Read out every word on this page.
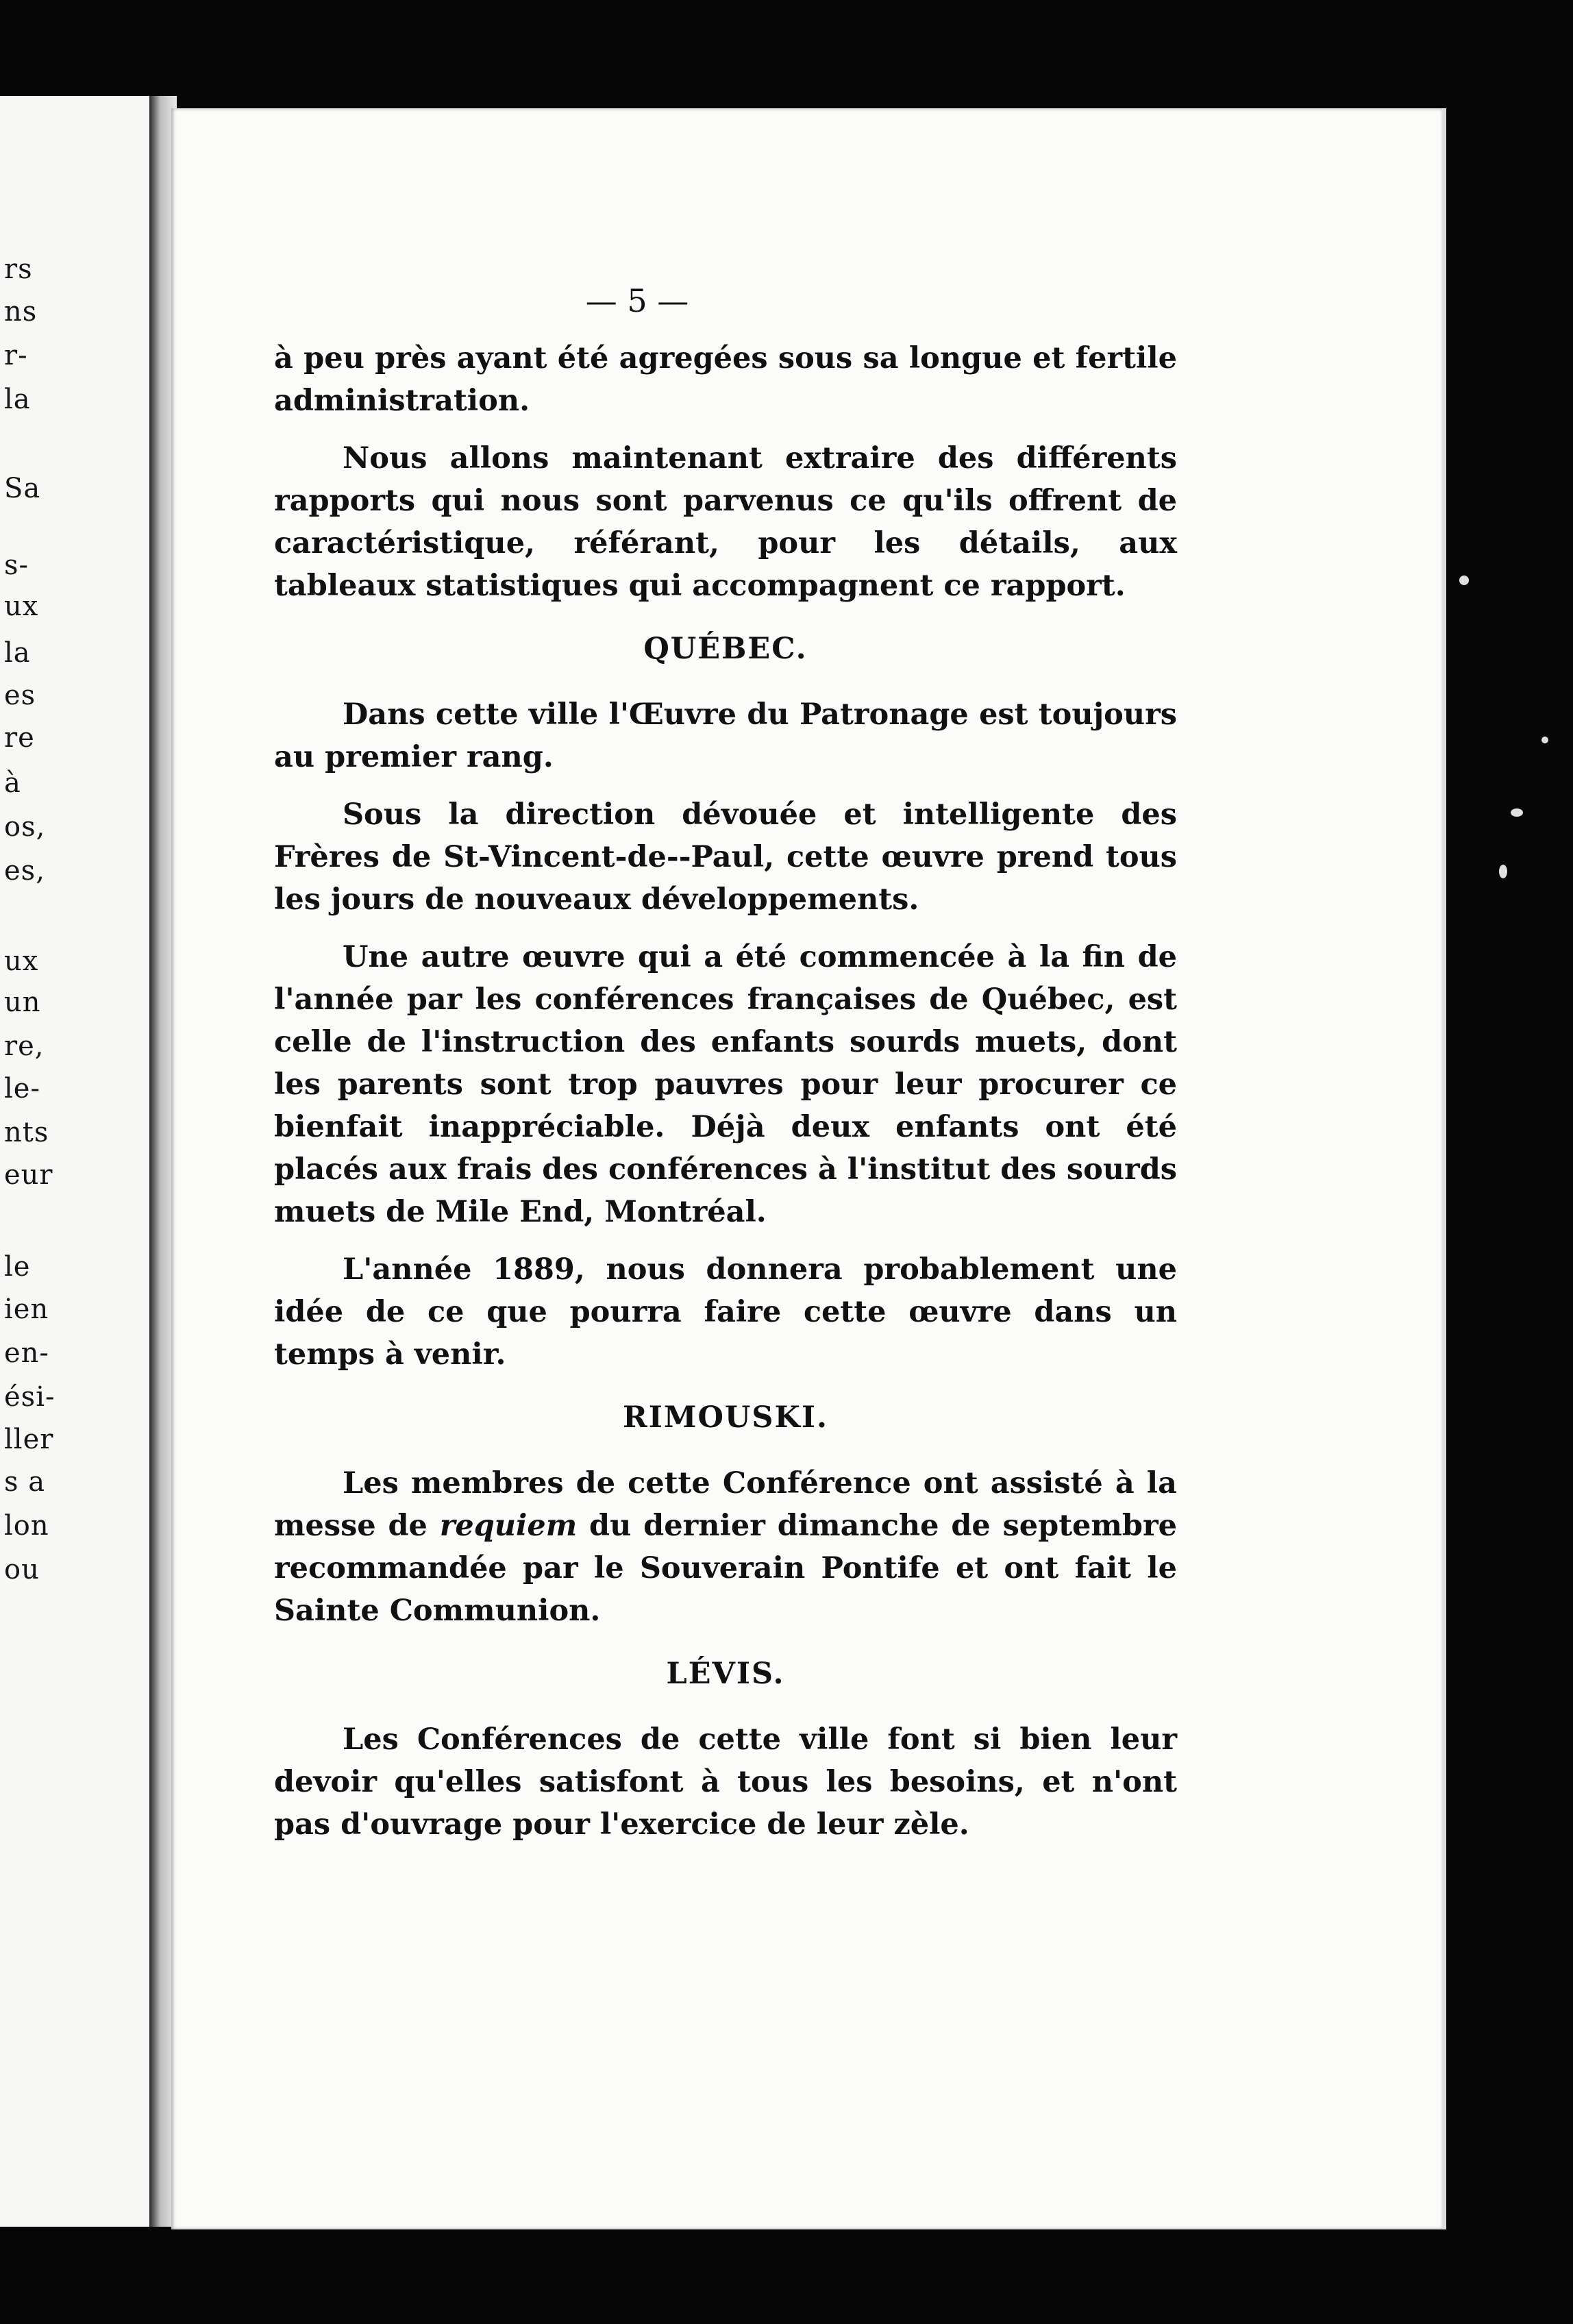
rs
ns
r-
la
Sa
s-
ux
la
es
re
à
os,
es,
ux
un
re,
le-
nts
eur
le
ien
en-
ési-
ller
s a
lon
ou
— 5 —

à peu près ayant été agregées sous sa longue et fertile administration.

Nous allons maintenant extraire des différents rapports qui nous sont parvenus ce qu'ils offrent de caractéristique, référant, pour les détails, aux tableaux statistiques qui accompagnent ce rapport.

QUÉBEC.

Dans cette ville l'Œuvre du Patronage est toujours au premier rang.

Sous la direction dévouée et intelligente des Frères de St-Vincent-de--Paul, cette œuvre prend tous les jours de nouveaux développements.

Une autre œuvre qui a été commencée à la fin de l'année par les conférences françaises de Québec, est celle de l'instruction des enfants sourds muets, dont les parents sont trop pauvres pour leur procurer ce bienfait inappréciable. Déjà deux enfants ont été placés aux frais des conférences à l'institut des sourds muets de Mile End, Montréal.

L'année 1889, nous donnera probablement une idée de ce que pourra faire cette œuvre dans un temps à venir.

RIMOUSKI.

Les membres de cette Conférence ont assisté à la messe de requiem du dernier dimanche de septembre recommandée par le Souverain Pontife et ont fait le Sainte Communion.

LÉVIS.

Les Conférences de cette ville font si bien leur devoir qu'elles satisfont à tous les besoins, et n'ont pas d'ouvrage pour l'exercice de leur zèle.
